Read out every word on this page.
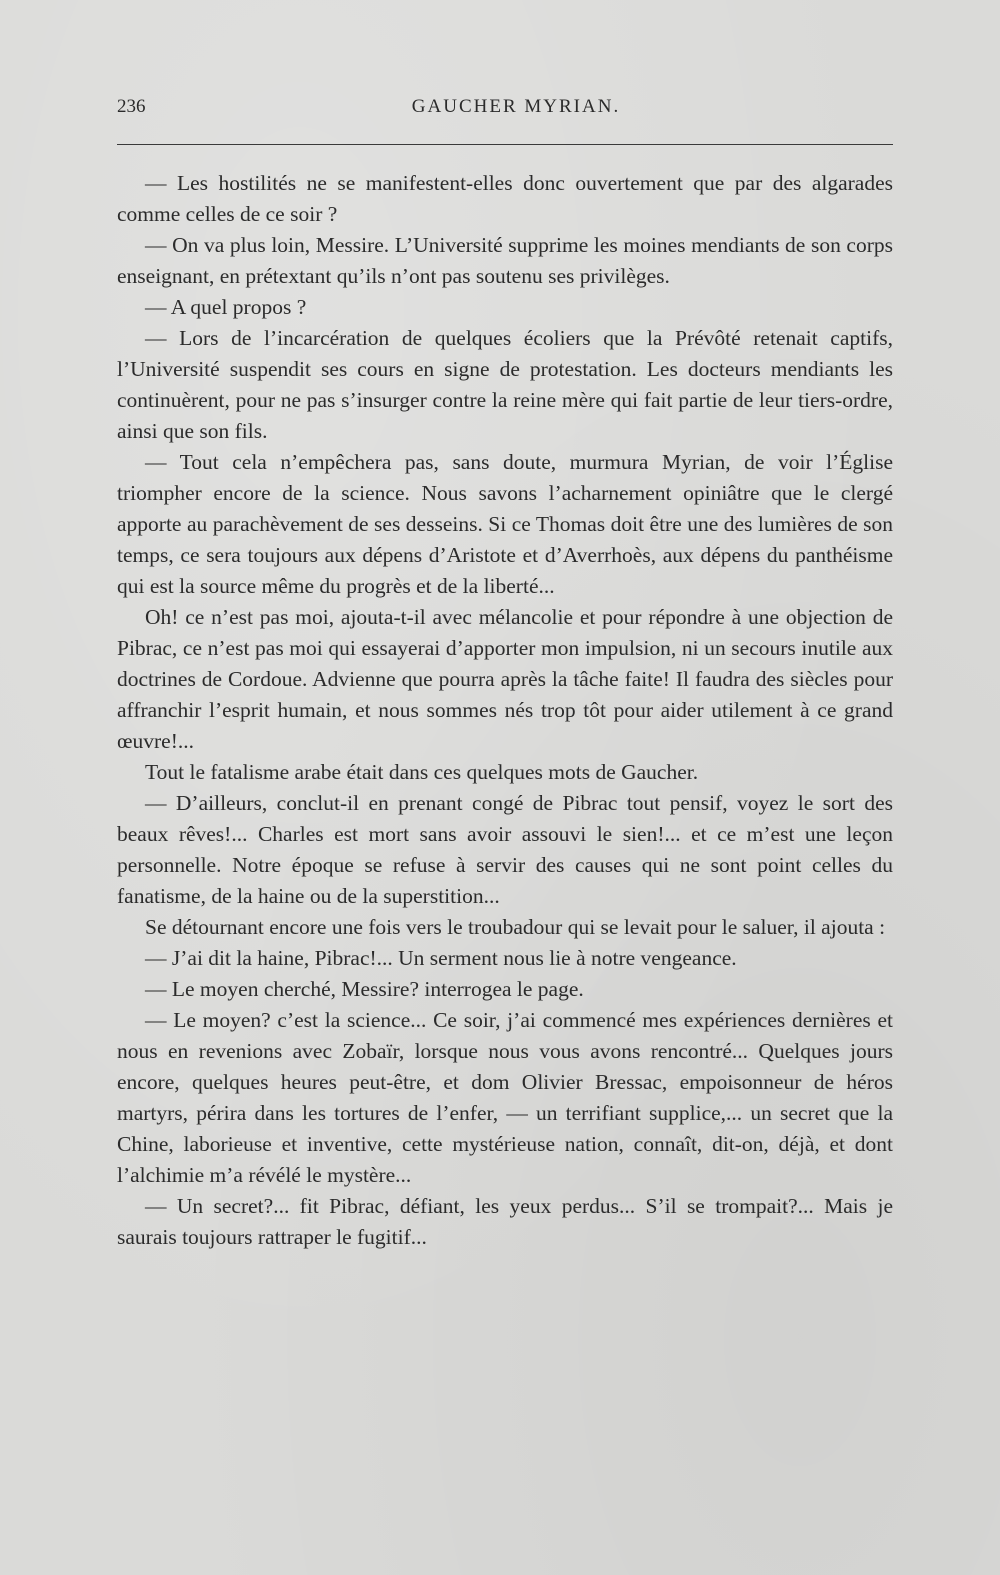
236	GAUCHER MYRIAN.

— Les hostilités ne se manifestent-elles donc ouvertement que par des algarades comme celles de ce soir ?

— On va plus loin, Messire. L’Université supprime les moines mendiants de son corps enseignant, en prétextant qu’ils n’ont pas soutenu ses privilèges.

— A quel propos ?

— Lors de l’incarcération de quelques écoliers que la Prévôté retenait captifs, l’Université suspendit ses cours en signe de protestation. Les docteurs mendiants les continuèrent, pour ne pas s’insurger contre la reine mère qui fait partie de leur tiers-ordre, ainsi que son fils.

— Tout cela n’empêchera pas, sans doute, murmura Myrian, de voir l’Église triompher encore de la science. Nous savons l’acharnement opiniâtre que le clergé apporte au parachèvement de ses desseins. Si ce Thomas doit être une des lumières de son temps, ce sera toujours aux dépens d’Aristote et d’Averrhoès, aux dépens du panthéisme qui est la source même du progrès et de la liberté...

Oh! ce n’est pas moi, ajouta-t-il avec mélancolie et pour répondre à une objection de Pibrac, ce n’est pas moi qui essayerai d’apporter mon impulsion, ni un secours inutile aux doctrines de Cordoue. Advienne que pourra après la tâche faite! Il faudra des siècles pour affranchir l’esprit humain, et nous sommes nés trop tôt pour aider utilement à ce grand œuvre!...

Tout le fatalisme arabe était dans ces quelques mots de Gaucher.

— D’ailleurs, conclut-il en prenant congé de Pibrac tout pensif, voyez le sort des beaux rêves!... Charles est mort sans avoir assouvi le sien!... et ce m’est une leçon personnelle. Notre époque se refuse à servir des causes qui ne sont point celles du fanatisme, de la haine ou de la superstition...

Se détournant encore une fois vers le troubadour qui se levait pour le saluer, il ajouta :

— J’ai dit la haine, Pibrac!... Un serment nous lie à notre vengeance.

— Le moyen cherché, Messire? interrogea le page.

— Le moyen? c’est la science... Ce soir, j’ai commencé mes expériences dernières et nous en revenions avec Zobaïr, lorsque nous vous avons rencontré... Quelques jours encore, quelques heures peut-être, et dom Olivier Bressac, empoisonneur de héros martyrs, périra dans les tortures de l’enfer, — un terrifiant supplice,... un secret que la Chine, laborieuse et inventive, cette mystérieuse nation, connaît, dit-on, déjà, et dont l’alchimie m’a révélé le mystère...

— Un secret?... fit Pibrac, défiant, les yeux perdus... S’il se trompait?... Mais je saurais toujours rattraper le fugitif...
